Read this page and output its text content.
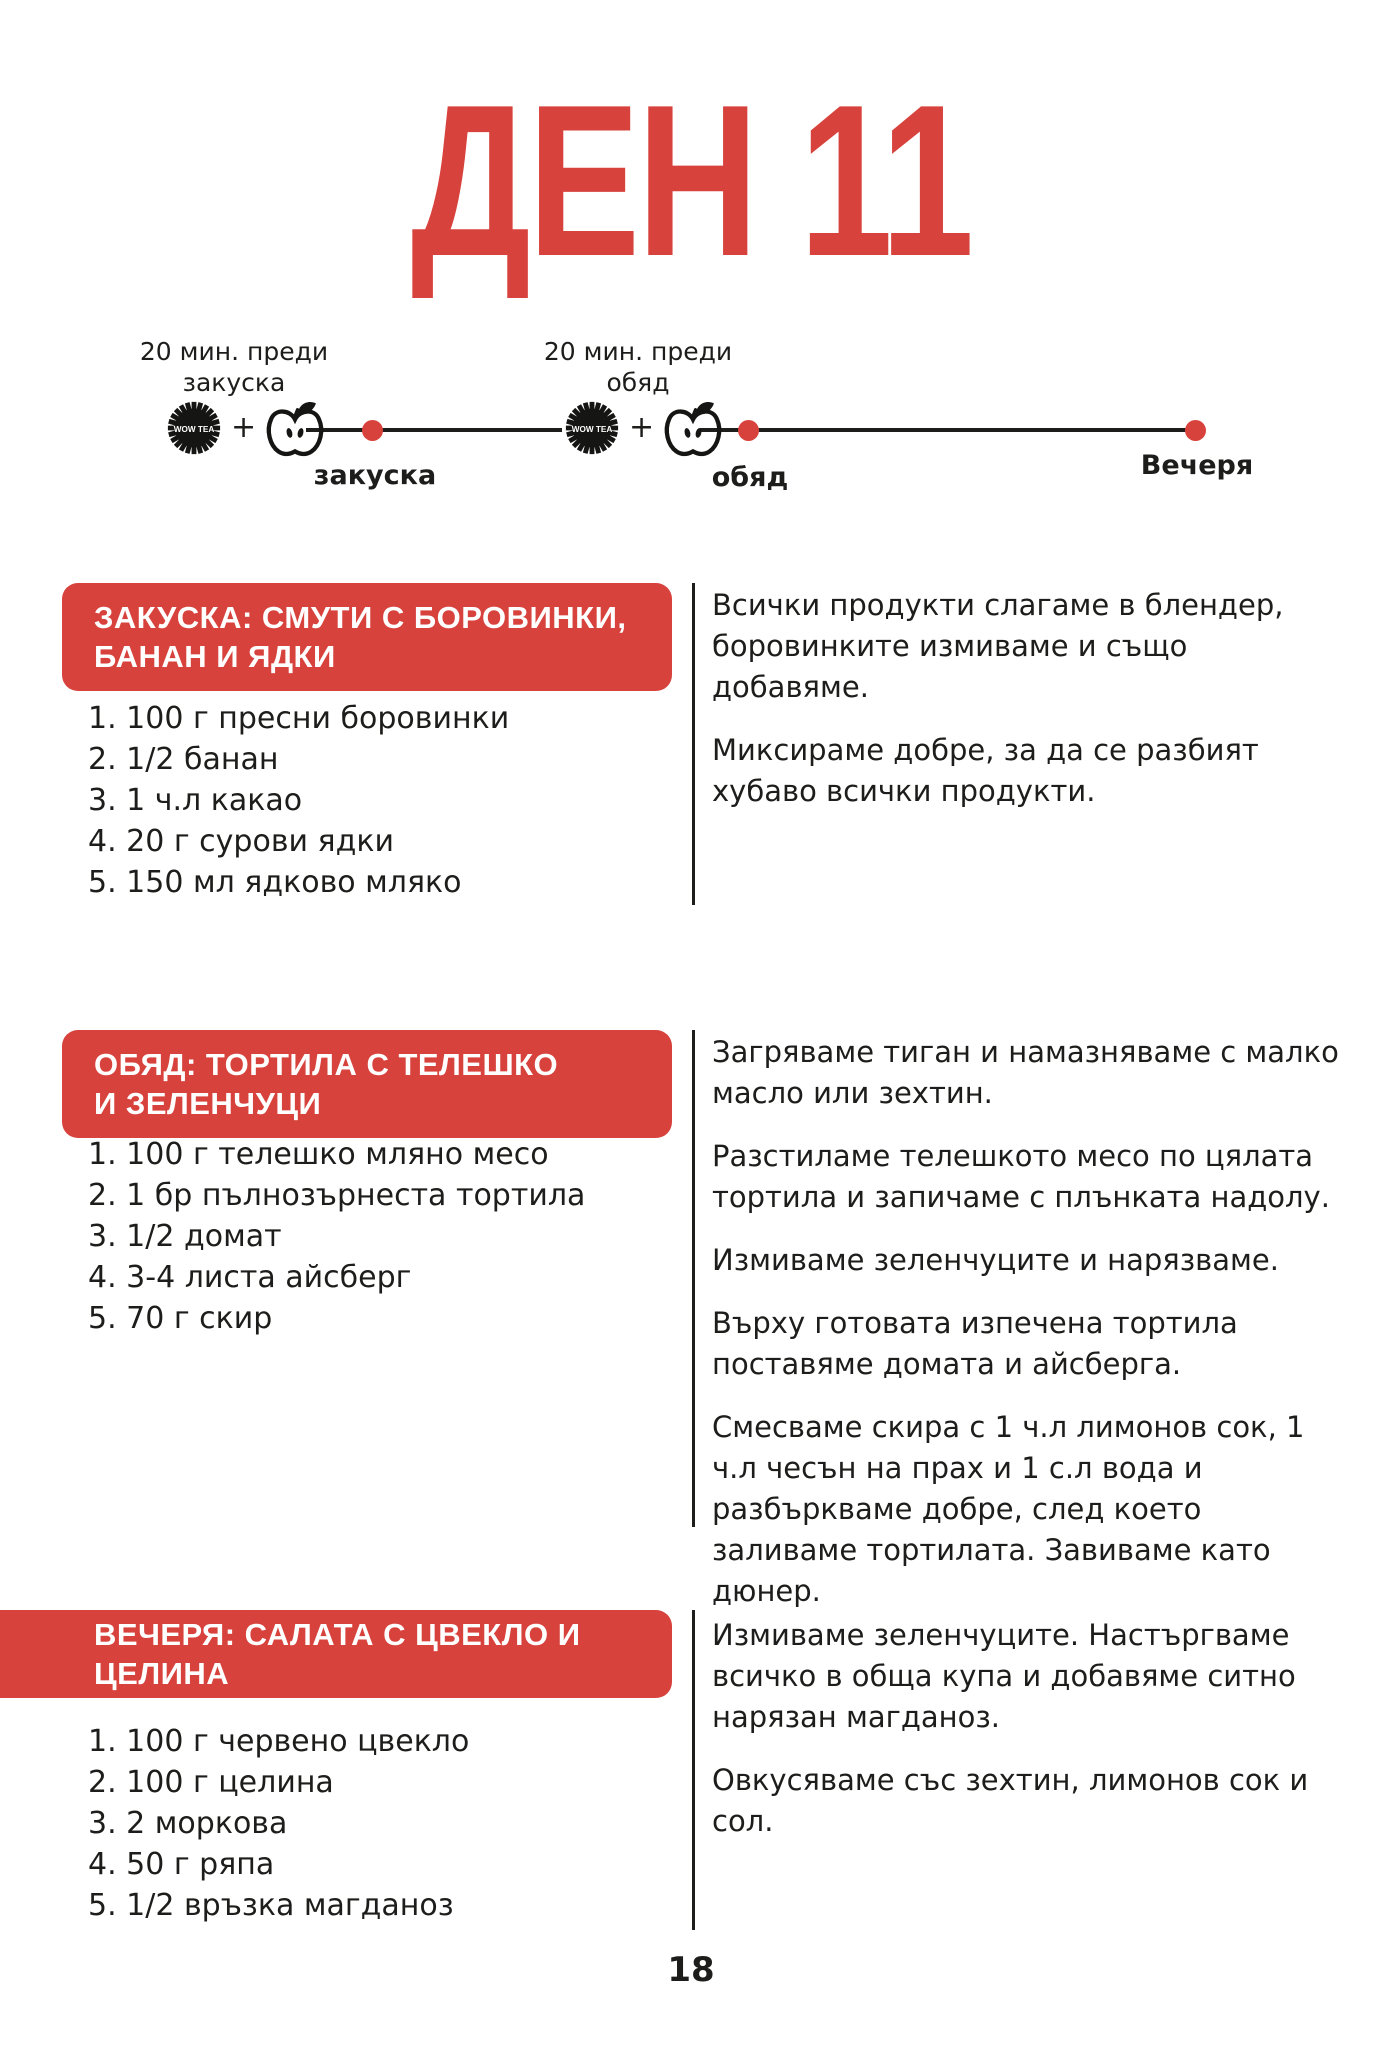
ДЕН 11
20 мин. преди
закуска
20 мин. преди
обяд
WOW TEA +	WOW TEA +
закуска	обяд	Вечеря
ЗАКУСКА: СМУТИ С БОРОВИНКИ,
БАНАН И ЯДКИ
100 г пресни боровинки
1/2 банан
1 ч.л какао
20 г сурови ядки
150 мл ядково мляко

Всички продукти слагаме в блендер, боровинките измиваме и също добавяме.

Миксираме добре, за да се разбият хубаво всички продукти.

ОБЯД: ТОРТИЛА С ТЕЛЕШКО
И ЗЕЛЕНЧУЦИ
100 г телешко мляно месо
1 бр пълнозърнеста тортила
1/2 домат
3-4 листа айсберг
70 г скир

Загряваме тиган и намазняваме с малко масло или зехтин.

Разстиламе телешкото месо по цялата тортила и запичаме с плънката надолу.

Измиваме зеленчуците и нарязваме.

Върху готовата изпечена тортила поставяме домата и айсберга.

Смесваме скира с 1 ч.л лимонов сок, 1 ч.л чесън на прах и 1 с.л вода и разбъркваме добре, след което заливаме тортилата. Завиваме като дюнер.

ВЕЧЕРЯ: САЛАТА С ЦВЕКЛО И ЦЕЛИНА
100 г червено цвекло
100 г целина
2 моркова
50 г ряпа
1/2 връзка магданоз

Измиваме зеленчуците. Настъргваме всичко в обща купа и добавяме ситно нарязан магданоз.

Овкусяваме със зехтин, лимонов сок и сол.

18
